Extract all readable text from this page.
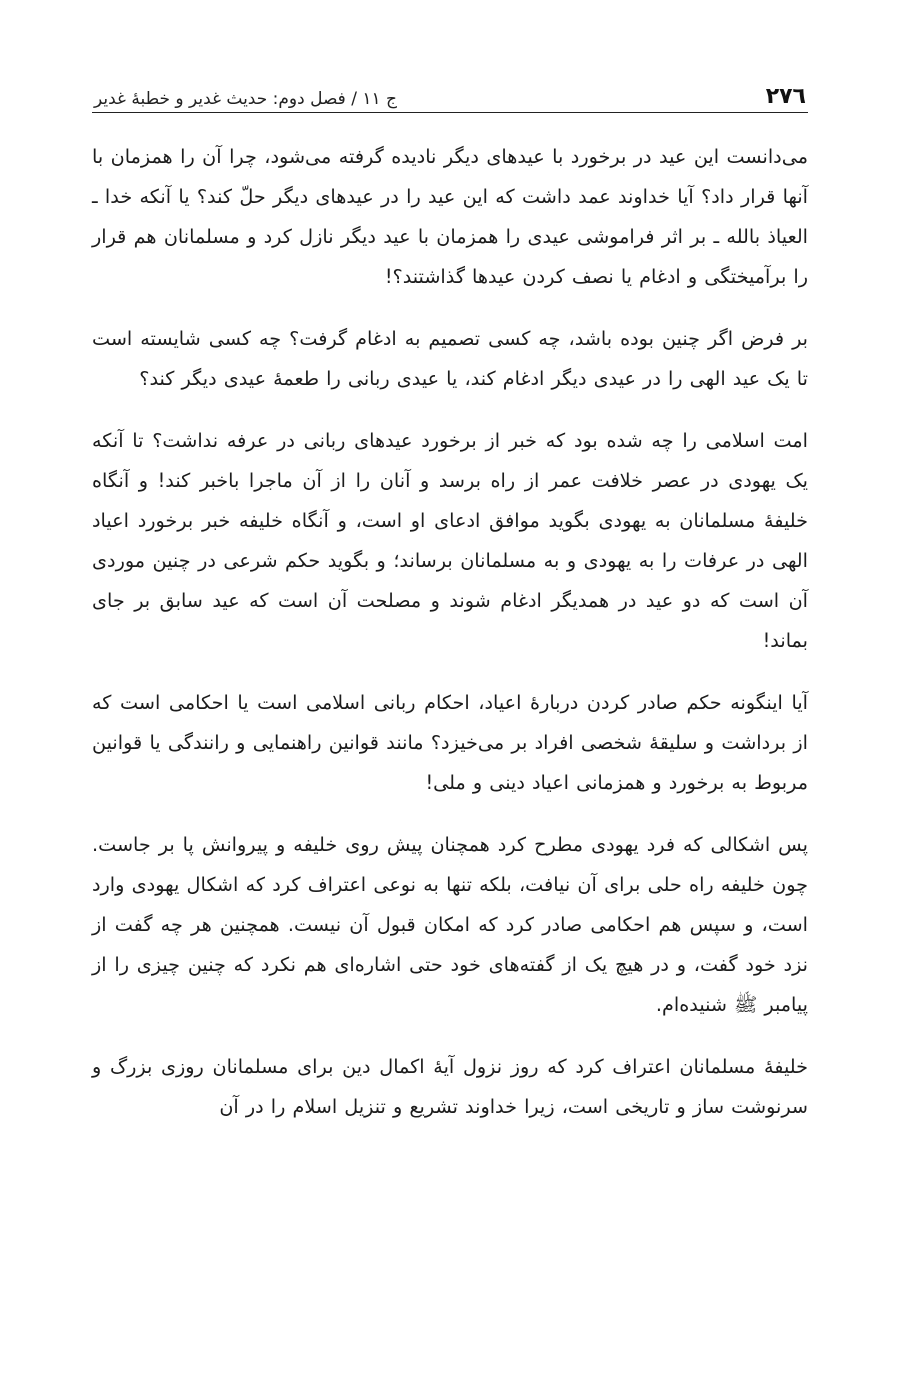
٢٧٦
ج ١١ / فصل دوم: حدیث غدیر و خطبهٔ غدیر

می‌دانست این عید در برخورد با عیدهای دیگر نادیده گرفته می‌شود، چرا آن را همزمان با آنها قرار داد؟ آیا خداوند عمد داشت که این عید را در عیدهای دیگر حلّ کند؟ یا آنکه خدا ـ العیاذ بالله ـ بر اثر فراموشی عیدی را همزمان با عید دیگر نازل کرد و مسلمانان هم قرار را برآمیختگی و ادغام یا نصف کردن عیدها گذاشتند؟!

بر فرض اگر چنین بوده باشد، چه کسی تصمیم به ادغام گرفت؟ چه کسی شایسته است تا یک عید الهی را در عیدی دیگر ادغام کند، یا عیدی ربانی را طعمهٔ عیدی دیگر کند؟

امت اسلامی را چه شده بود که خبر از برخورد عیدهای ربانی در عرفه نداشت؟ تا آنکه یک یهودی در عصر خلافت عمر از راه برسد و آنان را از آن ماجرا باخبر کند! و آنگاه خلیفهٔ مسلمانان به یهودی بگوید موافق ادعای او است، و آنگاه خلیفه خبر برخورد اعیاد الهی در عرفات را به یهودی و به مسلمانان برساند؛ و بگوید حکم شرعی در چنین موردی آن است که دو عید در همدیگر ادغام شوند و مصلحت آن است که عید سابق بر جای بماند!

آیا اینگونه حکم صادر کردن دربارهٔ اعیاد، احکام ربانی اسلامی است یا احکامی است که از برداشت و سلیقهٔ شخصی افراد بر می‌خیزد؟ مانند قوانین راهنمایی و رانندگی یا قوانین مربوط به برخورد و همزمانی اعیاد دینی و ملی!

پس اشکالی که فرد یهودی مطرح کرد همچنان پیش روی خلیفه و پیروانش پا بر جاست. چون خلیفه راه حلی برای آن نیافت، بلکه تنها به نوعی اعتراف کرد که اشکال یهودی وارد است، و سپس هم احکامی صادر کرد که امکان قبول آن نیست. همچنین هر چه گفت از نزد خود گفت، و در هیچ یک از گفته‌های خود حتی اشاره‌ای هم نکرد که چنین چیزی را از پیامبر ﷺ شنیده‌ام.

خلیفهٔ مسلمانان اعتراف کرد که روز نزول آیهٔ اکمال دین برای مسلمانان روزی بزرگ و سرنوشت ساز و تاریخی است، زیرا خداوند تشریع و تنزیل اسلام را در آن
